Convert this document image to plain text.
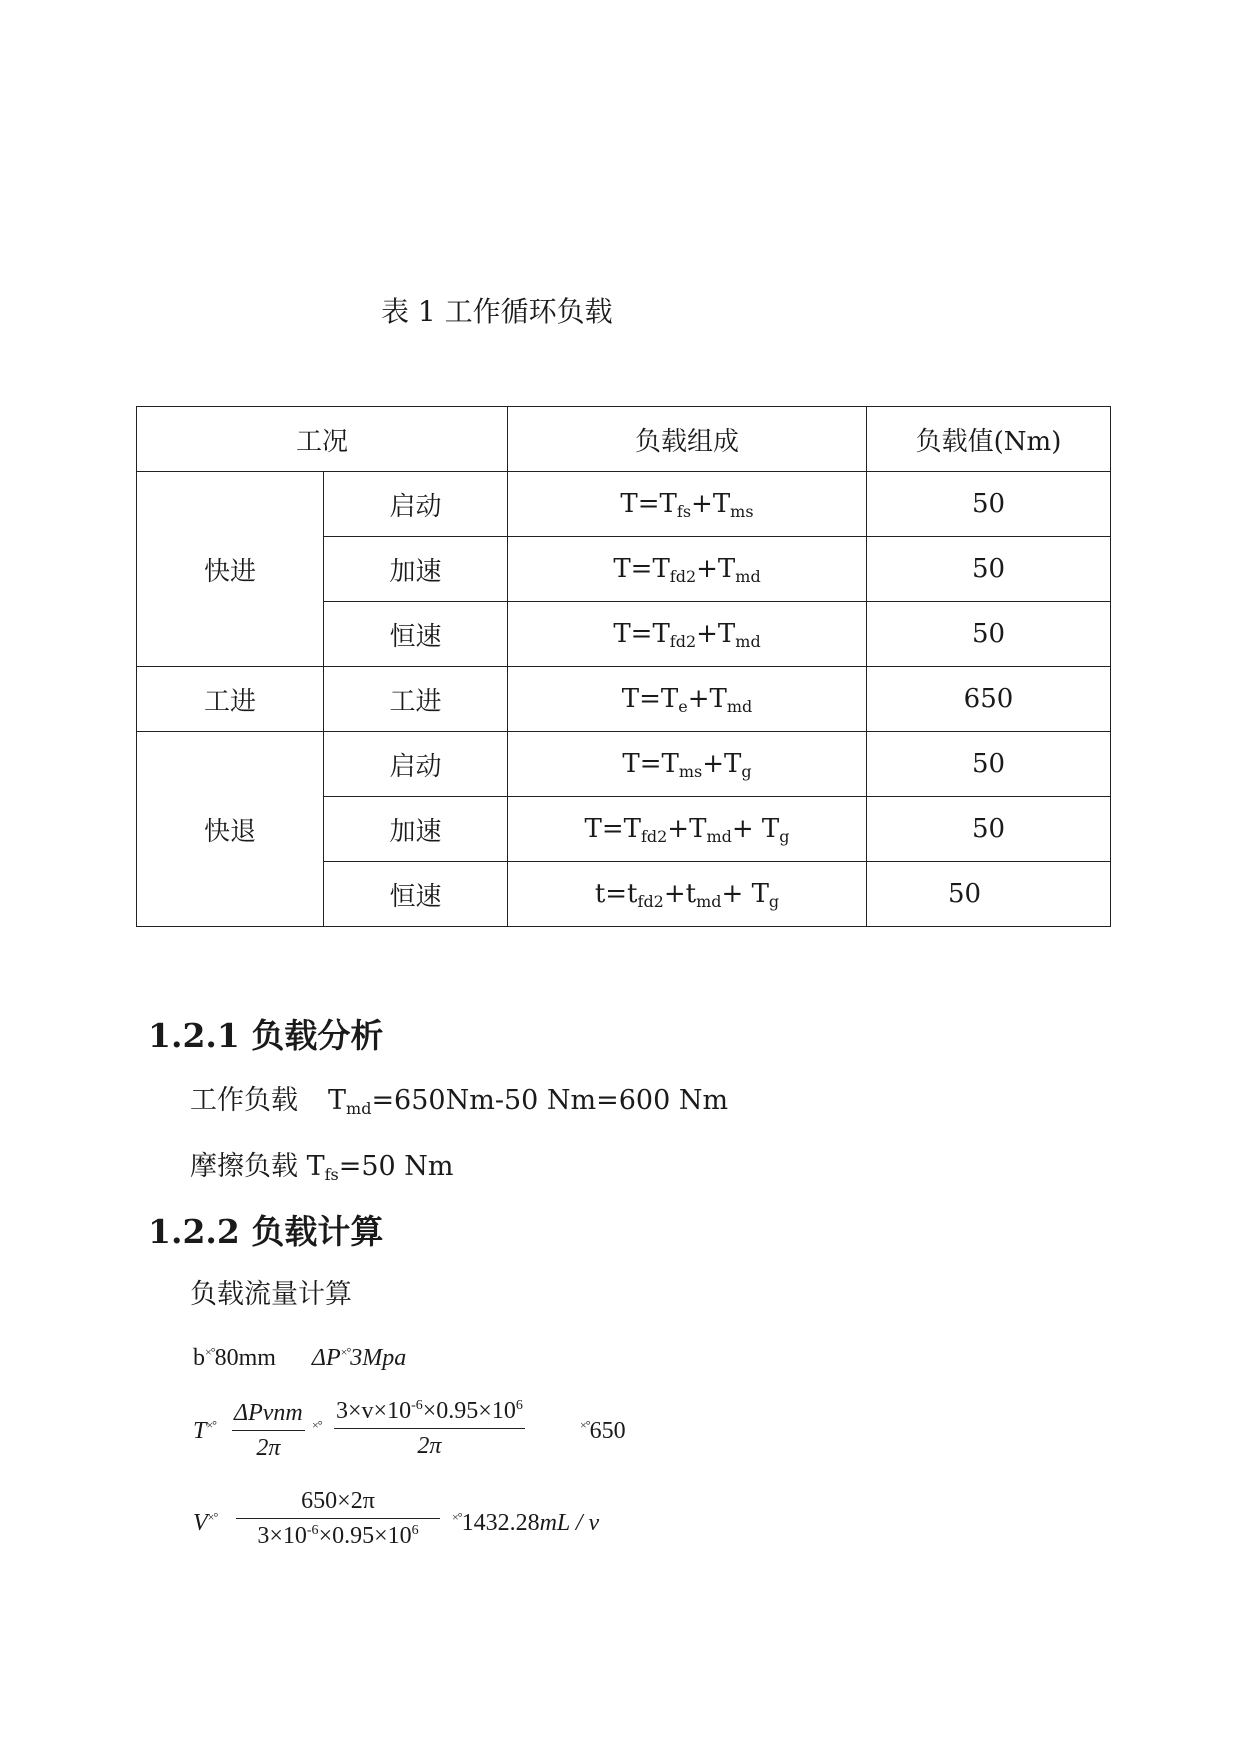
表 1 工作循环负载
工况		负载组成	负载值(Nm)
快进	启动	$T=T_{fs}+T_{ms}$	50
	加速	$T=T_{fd2}+T_{md}$	50
	恒速	$T=T_{fd2}+T_{md}$	50
工进	工进	$T=T_e+T_{md}$	650
快退	启动	$T=T_{ms}+T_g$	50
	加速	$T=T_{fd2}+T_{md}+ T_g$	50
	恒速	$t=t_{fd2}+t_{md}+ T_g$	50
1.2.1 负载分析
工作负载 $T_{md}=650Nm-50$ Nm=600 Nm
摩擦负载 $T_{fs}=50$ Nm
1.2.2 负载计算
负载流量计算
b×°80mm ΔP×°3Mpa
T×° ΔPvnm
2π
$^{\times^\circ} \frac{3\times v\times 10^{-6}\times 0.95\times 10^6}{2\pi}$	×°650
$V^{\times^\circ} \frac{650\times 2\pi}{3\times 10^{-6}\times 0.95\times 10^6} ^{\times^\circ}1432.28mL$ / v
